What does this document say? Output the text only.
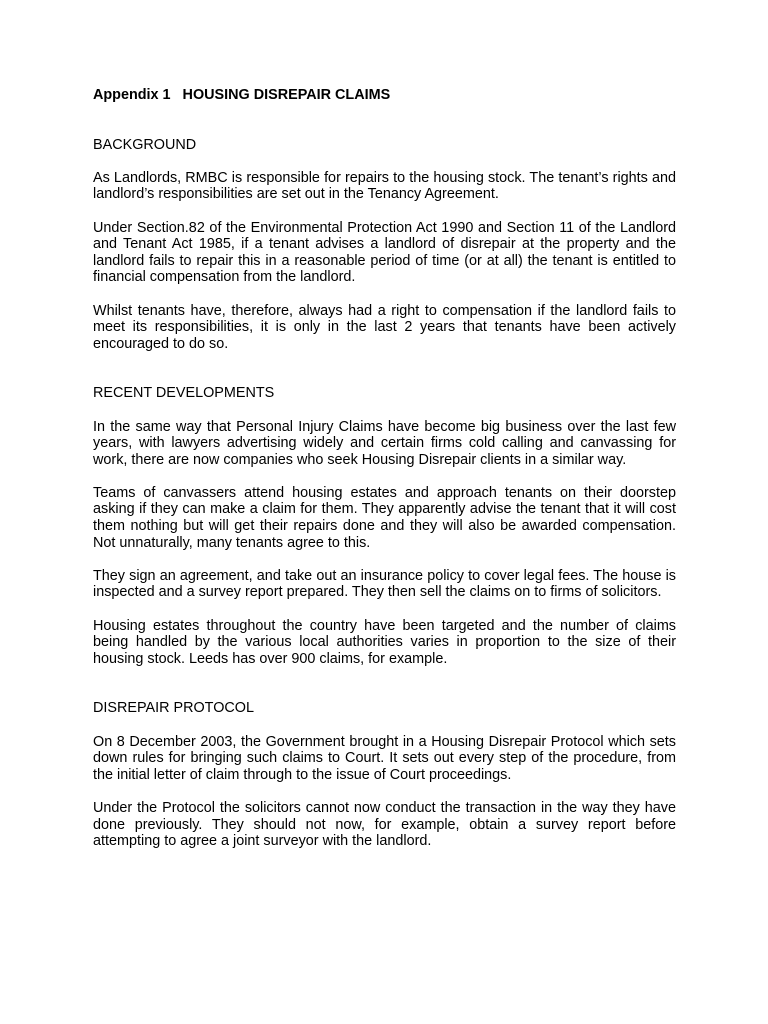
Appendix 1   HOUSING DISREPAIR CLAIMS
BACKGROUND

As Landlords, RMBC is responsible for repairs to the housing stock. The tenant’s rights and landlord’s responsibilities are set out in the Tenancy Agreement.

Under Section.82 of the Environmental Protection Act 1990 and Section 11 of the Landlord and Tenant Act 1985, if a tenant advises a landlord of disrepair at the property and the landlord fails to repair this in a reasonable period of time (or at all) the tenant is entitled to financial compensation from the landlord.

Whilst tenants have, therefore, always had a right to compensation if the landlord fails to meet its responsibilities, it is only in the last 2 years that tenants have been actively encouraged to do so.

RECENT DEVELOPMENTS

In the same way that Personal Injury Claims have become big business over the last few years, with lawyers advertising widely and certain firms cold calling and canvassing for work, there are now companies who seek Housing Disrepair clients in a similar way.

Teams of canvassers attend housing estates and approach tenants on their doorstep asking if they can make a claim for them. They apparently advise the tenant that it will cost them nothing but will get their repairs done and they will also be awarded compensation. Not unnaturally, many tenants agree to this.

They sign an agreement, and take out an insurance policy to cover legal fees. The house is inspected and a survey report prepared. They then sell the claims on to firms of solicitors.

Housing estates throughout the country have been targeted and the number of claims being handled by the various local authorities varies in proportion to the size of their housing stock. Leeds has over 900 claims, for example.

DISREPAIR PROTOCOL

On 8 December 2003, the Government brought in a Housing Disrepair Protocol which sets down rules for bringing such claims to Court. It sets out every step of the procedure, from the initial letter of claim through to the issue of Court proceedings.

Under the Protocol the solicitors cannot now conduct the transaction in the way they have done previously. They should not now, for example, obtain a survey report before attempting to agree a joint surveyor with the landlord.
